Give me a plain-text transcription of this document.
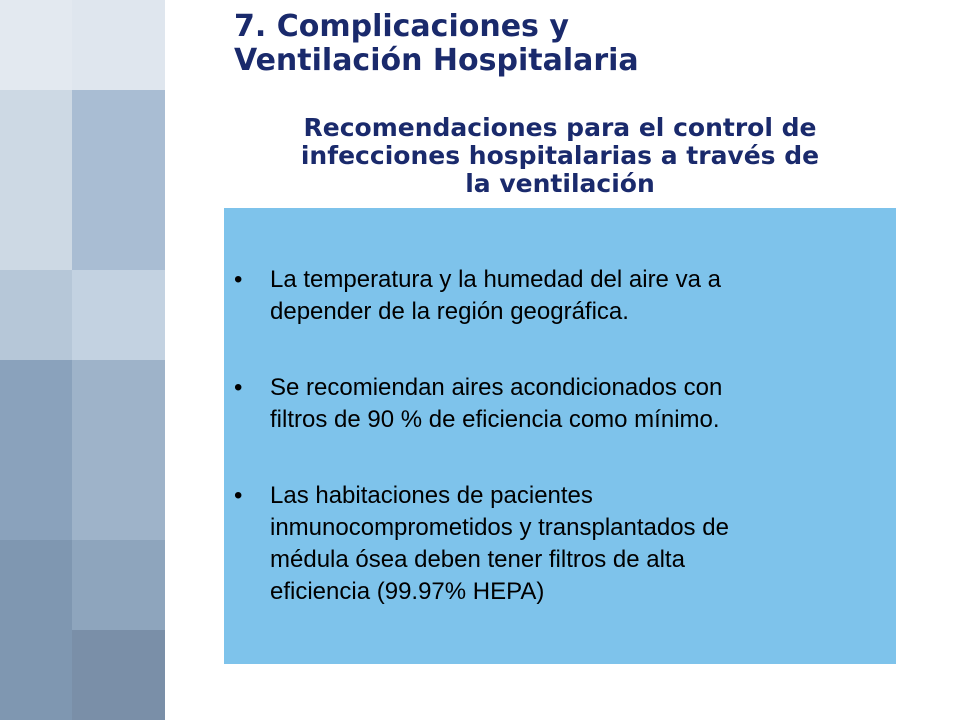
7. Complicaciones y
Ventilación Hospitalaria
Recomendaciones para el control de
infecciones hospitalarias a través de
la ventilación
• La temperatura y la humedad del aire va a
depender de la región geográfica.
• Se recomiendan aires acondicionados con
filtros de 90 % de eficiencia como mínimo.
• Las habitaciones de pacientes
inmunocomprometidos y transplantados de
médula ósea deben tener filtros de alta
eficiencia (99.97% HEPA)
